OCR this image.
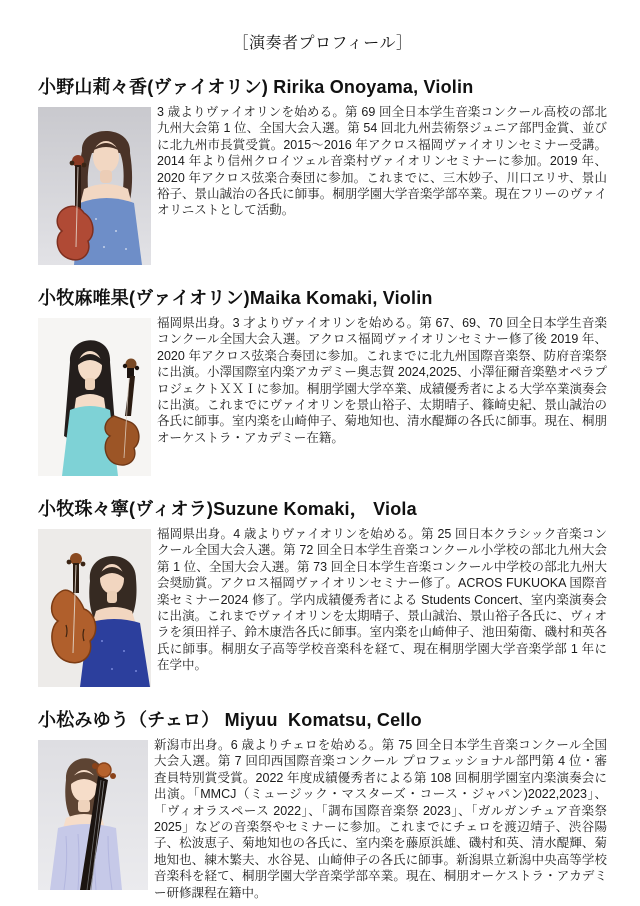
［演奏者プロフィール］
小野山莉々香(ヴァイオリン) Ririka Onoyama, Violin

3 歳よりヴァイオリンを始める。第 69 回全日本学生音楽コンクール高校の部北九州大会第 1 位、全国大会入選。第 54 回北九州芸術祭ジュニア部門金賞、並びに北九州市長賞受賞。2015～2016 年アクロス福岡ヴァイオリンセミナー受講。2014 年より信州クロイツェル音楽村ヴァイオリンセミナーに参加。2019 年、2020 年アクロス弦楽合奏団に参加。これまでに、三木妙子、川口ヱリサ、景山裕子、景山誠治の各氏に師事。桐朋学園大学音楽学部卒業。現在フリーのヴァイオリニストとして活動。

小牧麻唯果(ヴァイオリン)Maika Komaki, Violin

福岡県出身。3 才よりヴァイオリンを始める。第 67、69、70 回全日本学生音楽コンクール全国大会入選。アクロス福岡ヴァイオリンセミナー修了後 2019 年、2020 年アクロス弦楽合奏団に参加。これまでに北九州国際音楽祭、防府音楽祭に出演。小澤国際室内楽アカデミー奥志賀 2024,2025、小澤征爾音楽塾オペラプロジェクトＸＸＩに参加。桐朋学園大学卒業、成績優秀者による大学卒業演奏会に出演。これまでにヴァイオリンを景山裕子、太期晴子、篠崎史紀、景山誠治の各氏に師事。室内楽を山崎伸子、菊地知也、清水醍輝の各氏に師事。現在、桐朋オーケストラ・アカデミー在籍。

小牧珠々寧(ヴィオラ)Suzune Komaki， Viola

福岡県出身。4 歳よりヴァイオリンを始める。第 25 回日本クラシック音楽コンクール全国大会入選。第 72 回全日本学生音楽コンクール小学校の部北九州大会第 1 位、全国大会入選。第 73 回全日本学生音楽コンクール中学校の部北九州大会奨励賞。アクロス福岡ヴァイオリンセミナー修了。ACROS FUKUOKA 国際音楽セミナー2024 修了。学内成績優秀者による Students Concert、室内楽演奏会に出演。これまでヴァイオリンを太期晴子、景山誠治、景山裕子各氏に、ヴィオラを須田祥子、鈴木康浩各氏に師事。室内楽を山崎伸子、池田菊衛、磯村和英各氏に師事。桐朋女子高等学校音楽科を経て、現在桐朋学園大学音楽学部 1 年に在学中。

小松みゆう（チェロ） Miyuu  Komatsu, Cello

新潟市出身。6 歳よりチェロを始める。第 75 回全日本学生音楽コンクール全国大会入選。第 7 回印西国際音楽コンクール プロフェッショナル部門第 4 位・審査員特別賞受賞。2022 年度成績優秀者による第 108 回桐朋学園室内楽演奏会に出演。「MMCJ（ミュージック・マスターズ・コース・ジャパン)2022,2023」、「ヴィオラスペース 2022」、「調布国際音楽祭 2023」、「ガルガンチュア音楽祭 2025」などの音楽祭やセミナーに参加。これまでにチェロを渡辺靖子、渋谷陽子、松波恵子、菊地知也の各氏に、室内楽を藤原浜雄、磯村和英、清水醍輝、菊地知也、練木繁夫、水谷晃、山崎伸子の各氏に師事。新潟県立新潟中央高等学校音楽科を経て、桐朋学園大学音楽学部卒業。現在、桐朋オーケストラ・アカデミー研修課程在籍中。
